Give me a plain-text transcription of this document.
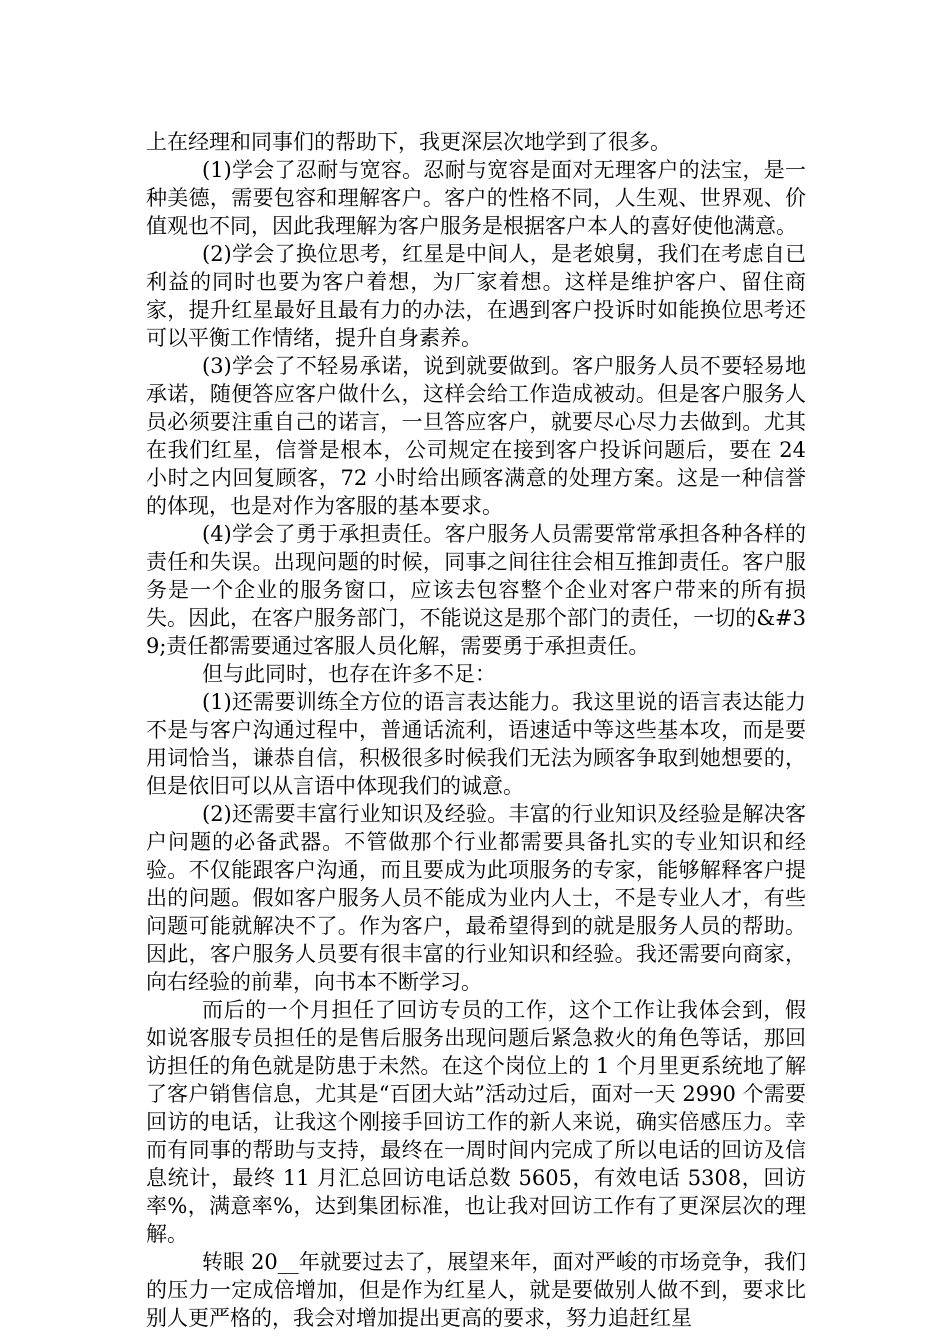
上在经理和同事们的帮助下，我更深层次地学到了很多。

(1)学会了忍耐与宽容。忍耐与宽容是面对无理客户的法宝，是一种美德，需要包容和理解客户。客户的性格不同，人生观、世界观、价值观也不同，因此我理解为客户服务是根据客户本人的喜好使他满意。

(2)学会了换位思考，红星是中间人，是老娘舅，我们在考虑自已利益的同时也要为客户着想，为厂家着想。这样是维护客户、留住商家，提升红星最好且最有力的办法，在遇到客户投诉时如能换位思考还可以平衡工作情绪，提升自身素养。

(3)学会了不轻易承诺，说到就要做到。客户服务人员不要轻易地承诺，随便答应客户做什么，这样会给工作造成被动。但是客户服务人员必须要注重自己的诺言，一旦答应客户，就要尽心尽力去做到。尤其在我们红星，信誉是根本，公司规定在接到客户投诉问题后，要在 24 小时之内回复顾客，72 小时给出顾客满意的处理方案。这是一种信誉的体现，也是对作为客服的基本要求。

(4)学会了勇于承担责任。客户服务人员需要常常承担各种各样的责任和失误。出现问题的时候，同事之间往往会相互推卸责任。客户服务是一个企业的服务窗口，应该去包容整个企业对客户带来的所有损失。因此，在客户服务部门，不能说这是那个部门的责任，一切的&#39;责任都需要通过客服人员化解，需要勇于承担责任。

但与此同时，也存在许多不足：

(1)还需要训练全方位的语言表达能力。我这里说的语言表达能力不是与客户沟通过程中，普通话流利，语速适中等这些基本攻，而是要用词恰当，谦恭自信，积极很多时候我们无法为顾客争取到她想要的，但是依旧可以从言语中体现我们的诚意。

(2)还需要丰富行业知识及经验。丰富的行业知识及经验是解决客户问题的必备武器。不管做那个行业都需要具备扎实的专业知识和经验。不仅能跟客户沟通，而且要成为此项服务的专家，能够解释客户提出的问题。假如客户服务人员不能成为业内人士，不是专业人才，有些问题可能就解决不了。作为客户，最希望得到的就是服务人员的帮助。因此，客户服务人员要有很丰富的行业知识和经验。我还需要向商家，向右经验的前辈，向书本不断学习。

而后的一个月担任了回访专员的工作，这个工作让我体会到，假如说客服专员担任的是售后服务出现问题后紧急救火的角色等话，那回访担任的角色就是防患于未然。在这个岗位上的 1 个月里更系统地了解了客户销售信息，尤其是“百团大站”活动过后，面对一天 2990 个需要回访的电话，让我这个刚接手回访工作的新人来说，确实倍感压力。幸而有同事的帮助与支持，最终在一周时间内完成了所以电话的回访及信息统计，最终 11 月汇总回访电话总数 5605，有效电话 5308，回访率%，满意率%，达到集团标准，也让我对回访工作有了更深层次的理解。

转眼 20__年就要过去了，展望来年，面对严峻的市场竞争，我们的压力一定成倍增加，但是作为红星人，就是要做别人做不到，要求比别人更严格的，我会对增加提出更高的要求，努力追赶红星
